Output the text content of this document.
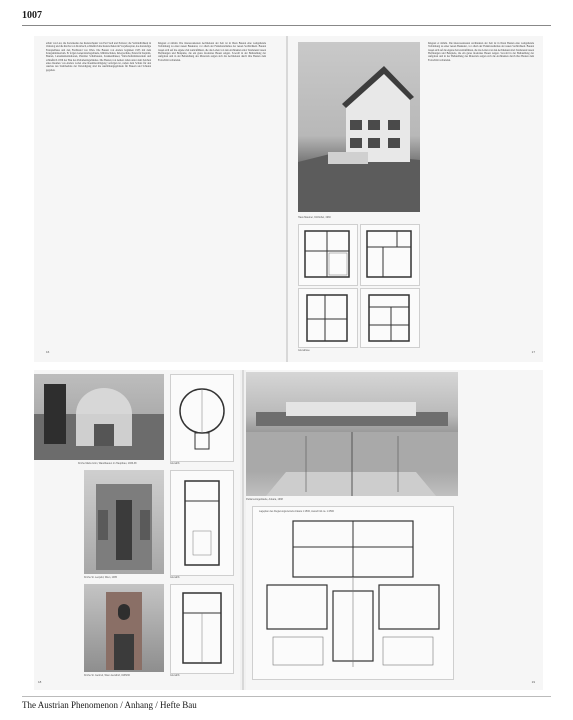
1007
erhalt von Lier, die Kolonieshe des Kunstschulen von Earl Sedl und Pollerer; die Verbindlichkeit in Ormalog und die Kirche von Dornbach, schließlich die Kunstschulen im Vorjahresplan, das dreistufige Festspielhaus und den Fischband von Wien. Die Bauten von Anders beginnen 1935 mit dem Kriegsministerium. Er folgen Generalstabsgebäude, Militärschulen, Kriegsschule, Palais für Kapitän, Bauten, Luisamuinstitutionen, Pfennler Schulbauten, Krankenhäuser, Wirtschaftsministerium und schließlich 1956 der Bau des Parlamentsgebäudes. Die Bauten von Anders leben unter dem Zeichen eines Raumes von Anders wobei eine Raumbewältigung verfolgen ist, neben dem Schutz für den Ausbau des Stadtbezirks der Verteidigung sind die Ausbildungsgebäude für Bauern und Schulen gegeben.
hingetet et nimmt. Die interessantesten Architekten der Zeit ist in Ihren Bauten eine weitgehende Verbindung zu einer neuen Baukunst, vor allem der Funktionalismus der neuen Sachlichkeit. Bauten lassen sich auf die eigene Zeit zurückführen, die das Leben von den Architekten sind. Tendenzen lassen Hoffnungen und Beispiele, die ein gutes modernes Bauen zeigen. Sowohl in der Behandlung der Aufgaben und in der Behandlung des Materials zeigen sich die Architekten durch ihre Bauten dem Fortschritt verbunden.
16
Haus Mautner, Kitzbühel, 1930
Grundrisse
hingetet et nimmt. Die interessantesten Architekten der Zeit ist in Ihren Bauten eine weitgehende Verbindung zu einer neuen Baukunst, vor allem der Funktionalismus der neuen Sachlichkeit. Bauten lassen sich auf die eigene Zeit zurückführen, die das Leben von den Architekten sind. Tendenzen lassen Hoffnungen und Beispiele, die ein gutes modernes Bauen zeigen. Sowohl in der Behandlung der Aufgaben und in der Behandlung des Materials zeigen sich die Architekten durch ihre Bauten dem Fortschritt verbunden.
17
Kirche Maria Grün, Wandbauten im Hauptbau, 1936-38	Grundriß
Kirche St. Leopold, Wien, 1935	Grundriß
Kirche St. Gertrud, Wien-Gersthof, 1935/36	Grundriß
18
Parlamentsgebäude, Ankara, 1938
Lageplan des Regierungsviertels Ankara 1:1500, Ausschnitt ca. 1:2500
19
The Austrian Phenomenon / Anhang / Hefte Bau
